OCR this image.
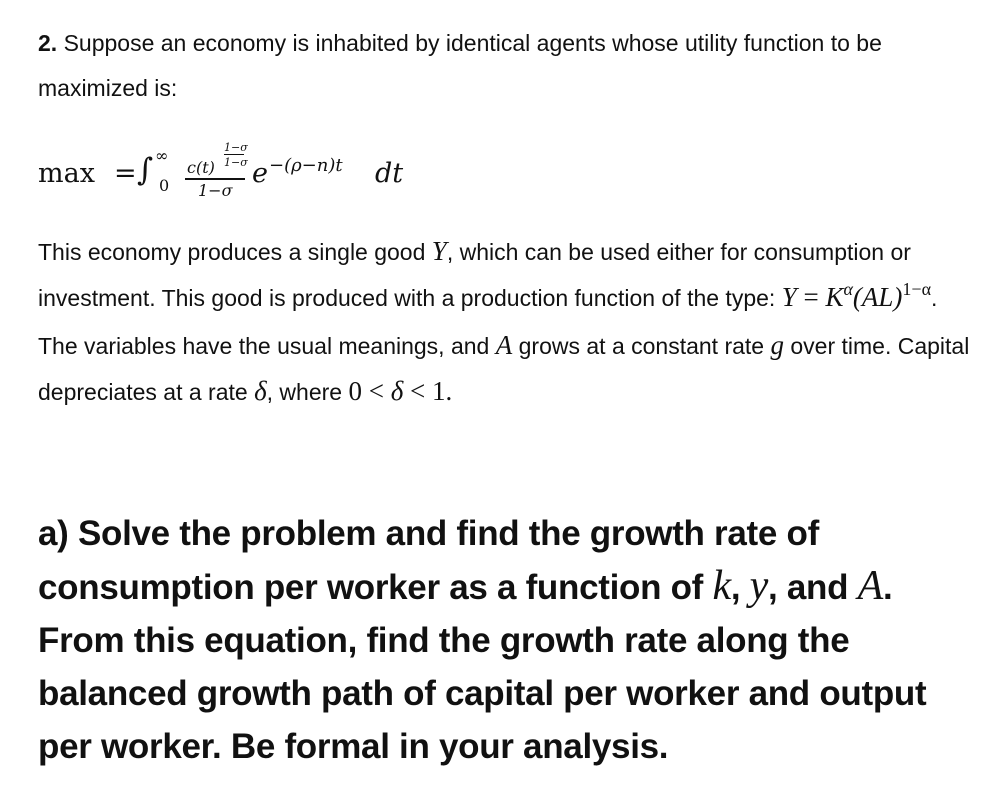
2. Suppose an economy is inhabited by identical agents whose utility function to be maximized is:

max = ∫ ∞
0
c(t)
1−σ
1−σ
1−σ
e −(ρ−n)t dt

This economy produces a single good Y, which can be used either for consumption or investment. This good is produced with a production function of the type: $Y = K^\alpha(AL)^{1-\alpha}$. The variables have the usual meanings, and A grows at a constant rate g over time. Capital depreciates at a rate δ, where 0 < δ < 1.

a) Solve the problem and find the growth rate of consumption per worker as a function of k, y, and A. From this equation, find the growth rate along the balanced growth path of capital per worker and output per worker. Be formal in your analysis.
